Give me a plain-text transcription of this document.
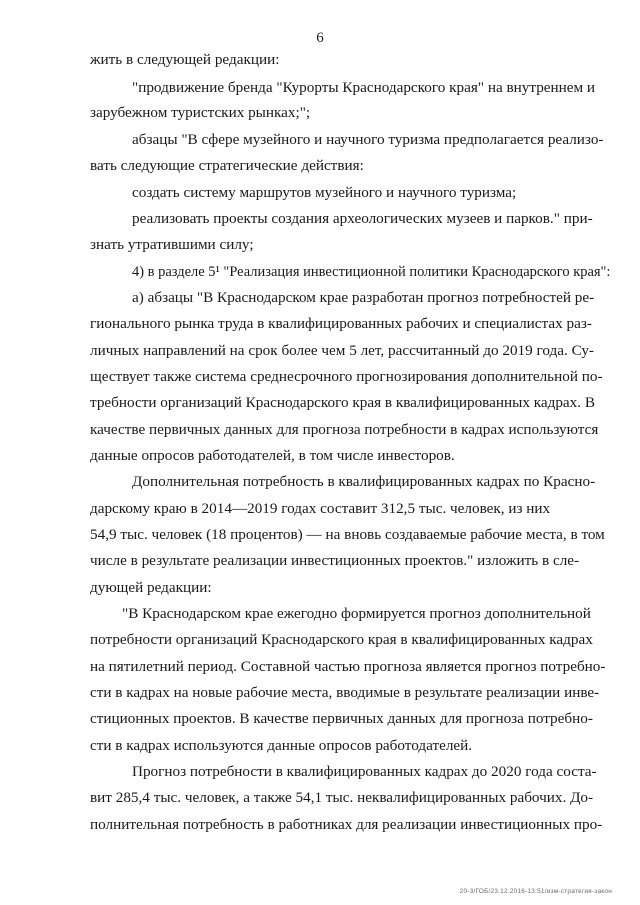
6

жить в следующей редакции:

"продвижение бренда "Курорты Краснодарского края" на внутреннем и

зарубежном туристских рынках;";

абзацы "В сфере музейного и научного туризма предполагается реализо-

вать следующие стратегические действия:

создать систему маршрутов музейного и научного туризма;

реализовать проекты создания археологических музеев и парков." при-

знать утратившими силу;

4) в разделе 5¹ "Реализация инвестиционной политики Краснодарского края":

а) абзацы "В Краснодарском крае разработан прогноз потребностей ре-

гионального рынка труда в квалифицированных рабочих и специалистах раз-

личных направлений на срок более чем 5 лет, рассчитанный до 2019 года. Су-

ществует также система среднесрочного прогнозирования дополнительной по-

требности организаций Краснодарского края в квалифицированных кадрах. В

качестве первичных данных для прогноза потребности в кадрах используются

данные опросов работодателей, в том числе инвесторов.

Дополнительная потребность в квалифицированных кадрах по Красно-

дарскому краю в 2014—2019 годах составит 312,5 тыс. человек, из них

54,9 тыс. человек (18 процентов) — на вновь создаваемые рабочие места, в том

числе в результате реализации инвестиционных проектов." изложить в сле-

дующей редакции:

"В Краснодарском крае ежегодно формируется прогноз дополнительной

потребности организаций Краснодарского края в квалифицированных кадрах

на пятилетний период. Составной частью прогноза является прогноз потребно-

сти в кадрах на новые рабочие места, вводимые в результате реализации инве-

стиционных проектов. В качестве первичных данных для прогноза потребно-

сти в кадрах используются данные опросов работодателей.

Прогноз потребности в квалифицированных кадрах до 2020 года соста-

вит 285,4 тыс. человек, а также 54,1 тыс. неквалифицированных рабочих. До-

полнительная потребность в работниках для реализации инвестиционных про-

20-3/ГОБ/23.12.2016-13:51/изм-стратегия-закон
